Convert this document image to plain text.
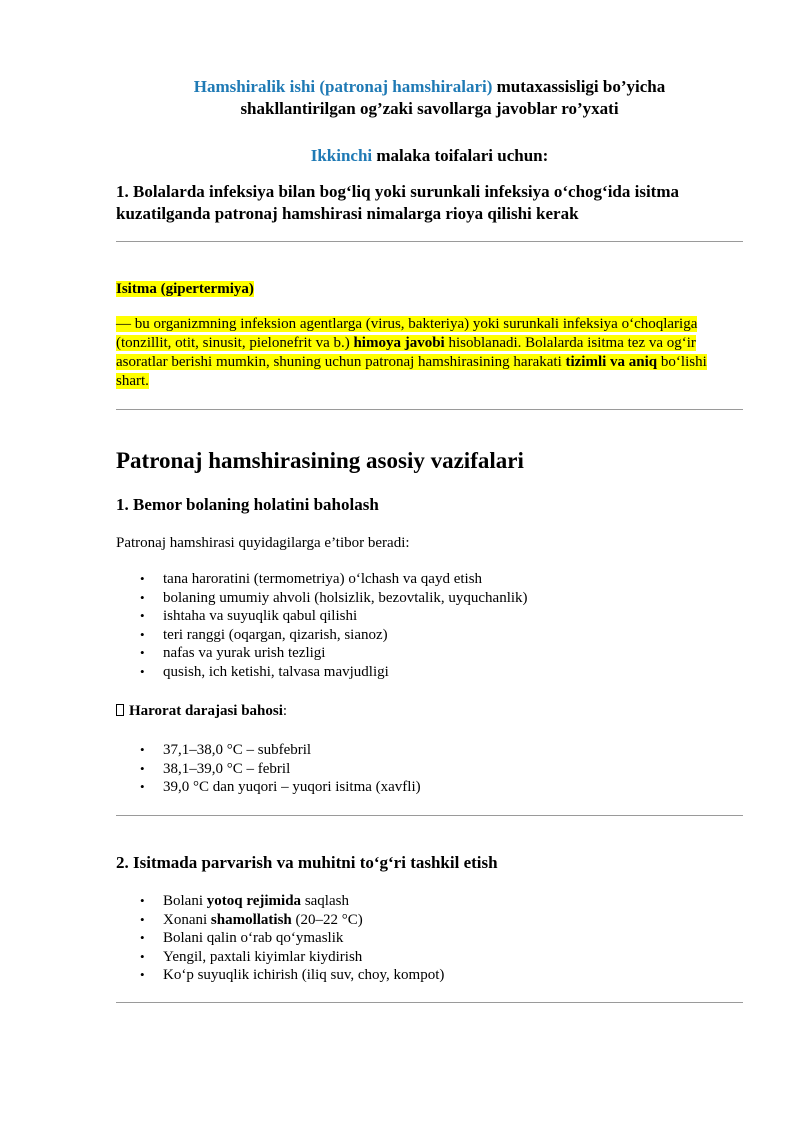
Hamshiralik ishi (patronaj hamshiralari) mutaxassisligi bo’yicha
shakllantirilgan og’zaki savollarga javoblar ro’yxati
Ikkinchi malaka toifalari uchun:
1. Bolalarda infeksiya bilan bog‘liq yoki surunkali infeksiya o‘chog‘ida isitma
kuzatilganda patronaj hamshirasi nimalarga rioya qilishi kerak
Isitma (gipertermiya)
— bu organizmning infeksion agentlarga (virus, bakteriya) yoki surunkali infeksiya o‘choqlariga (tonzillit, otit, sinusit, pielonefrit va b.) himoya javobi hisoblanadi. Bolalarda isitma tez va og‘ir asoratlar berishi mumkin, shuning uchun patronaj hamshirasining harakati tizimli va aniq bo‘lishi shart.
Patronaj hamshirasining asosiy vazifalari
1. Bemor bolaning holatini baholash
Patronaj hamshirasi quyidagilarga e’tibor beradi:
• tana haroratini (termometriya) o‘lchash va qayd etish
• bolaning umumiy ahvoli (holsizlik, bezovtalik, uyquchanlik)
• ishtaha va suyuqlik qabul qilishi
• teri ranggi (oqargan, qizarish, sianoz)
• nafas va yurak urish tezligi
• qusish, ich ketishi, talvasa mavjudligi
Harorat darajasi bahosi:
• 37,1–38,0 °C – subfebril
• 38,1–39,0 °C – febril
• 39,0 °C dan yuqori – yuqori isitma (xavfli)
2. Isitmada parvarish va muhitni to‘g‘ri tashkil etish
• Bolani yotoq rejimida saqlash
• Xonani shamollatish (20–22 °C)
• Bolani qalin o‘rab qo‘ymaslik
• Yengil, paxtali kiyimlar kiydirish
• Ko‘p suyuqlik ichirish (iliq suv, choy, kompot)
